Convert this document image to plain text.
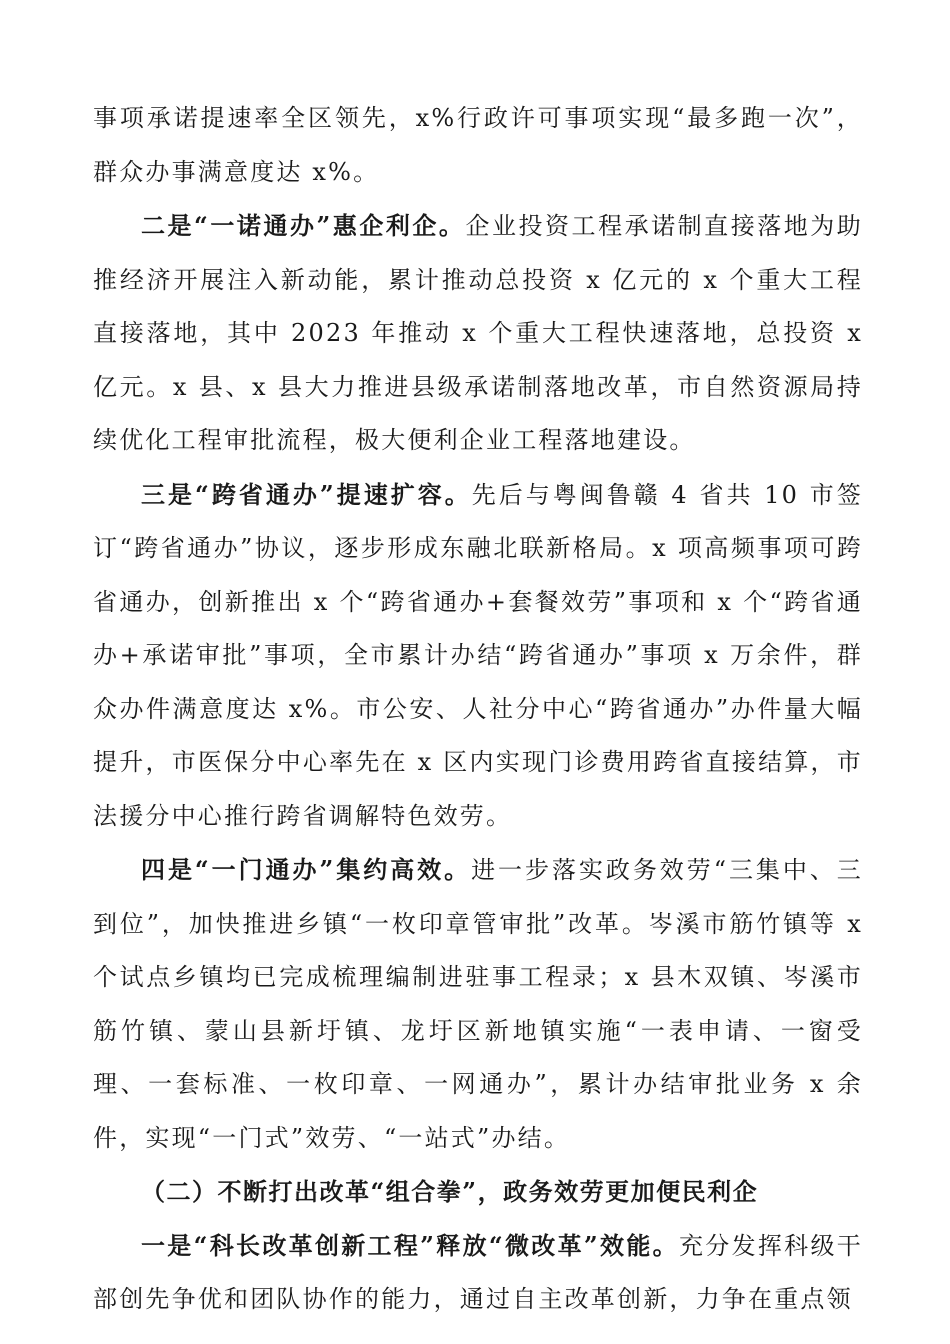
事项承诺提速率全区领先，x%行政许可事项实现“最多跑一次”，群众办事满意度达 x%。

二是“一诺通办”惠企利企。企业投资工程承诺制直接落地为助推经济开展注入新动能，累计推动总投资 x 亿元的 x 个重大工程直接落地，其中 2023 年推动 x 个重大工程快速落地，总投资 x 亿元。x 县、x 县大力推进县级承诺制落地改革，市自然资源局持续优化工程审批流程，极大便利企业工程落地建设。

三是“跨省通办”提速扩容。先后与粤闽鲁赣 4 省共 10 市签订“跨省通办”协议，逐步形成东融北联新格局。x 项高频事项可跨省通办，创新推出 x 个“跨省通办+套餐效劳”事项和 x 个“跨省通办+承诺审批”事项，全市累计办结“跨省通办”事项 x 万余件，群众办件满意度达 x%。市公安、人社分中心“跨省通办”办件量大幅提升，市医保分中心率先在 x 区内实现门诊费用跨省直接结算，市法援分中心推行跨省调解特色效劳。

四是“一门通办”集约高效。进一步落实政务效劳“三集中、三到位”，加快推进乡镇“一枚印章管审批”改革。岑溪市筋竹镇等 x 个试点乡镇均已完成梳理编制进驻事工程录；x 县木双镇、岑溪市筋竹镇、蒙山县新圩镇、龙圩区新地镇实施“一表申请、一窗受理、一套标准、一枚印章、一网通办”，累计办结审批业务 x 余件，实现“一门式”效劳、“一站式”办结。

（二）不断打出改革“组合拳”，政务效劳更加便民利企

一是“科长改革创新工程”释放“微改革”效能。充分发挥科级干部创先争优和团队协作的能力，通过自主改革创新，力争在重点领
